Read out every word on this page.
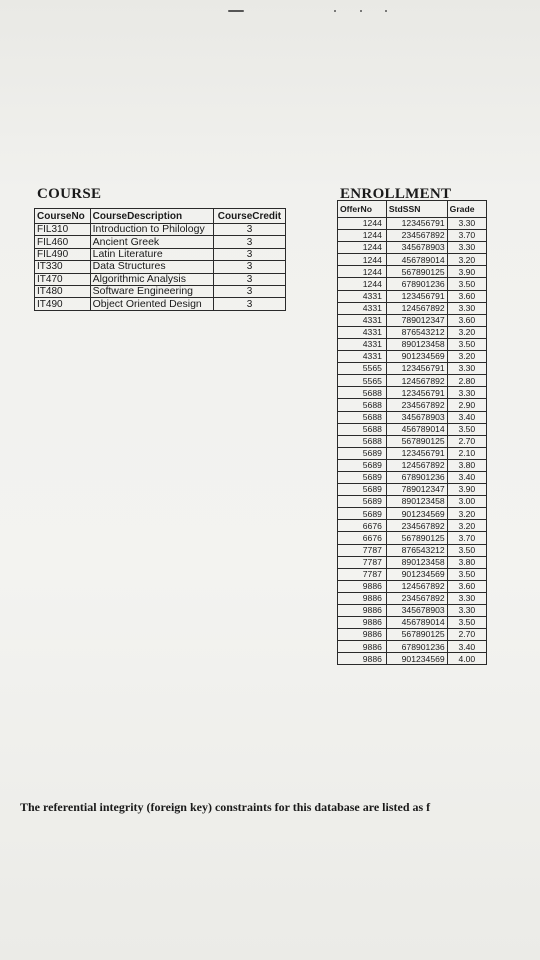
COURSE
CourseNo	CourseDescription	CourseCredit
FIL310	Introduction to Philology	3
FIL460	Ancient Greek	3
FIL490	Latin Literature	3
IT330	Data Structures	3
IT470	Algorithmic Analysis	3
IT480	Software Engineering	3
IT490	Object Oriented Design	3
ENROLLMENT
OfferNo	StdSSN	Grade
1244	123456791	3.30
1244	234567892	3.70
1244	345678903	3.30
1244	456789014	3.20
1244	567890125	3.90
1244	678901236	3.50
4331	123456791	3.60
4331	124567892	3.30
4331	789012347	3.60
4331	876543212	3.20
4331	890123458	3.50
4331	901234569	3.20
5565	123456791	3.30
5565	124567892	2.80
5688	123456791	3.30
5688	234567892	2.90
5688	345678903	3.40
5688	456789014	3.50
5688	567890125	2.70
5689	123456791	2.10
5689	124567892	3.80
5689	678901236	3.40
5689	789012347	3.90
5689	890123458	3.00
5689	901234569	3.20
6676	234567892	3.20
6676	567890125	3.70
7787	876543212	3.50
7787	890123458	3.80
7787	901234569	3.50
9886	124567892	3.60
9886	234567892	3.30
9886	345678903	3.30
9886	456789014	3.50
9886	567890125	2.70
9886	678901236	3.40
9886	901234569	4.00

The referential integrity (foreign key) constraints for this database are listed as f
